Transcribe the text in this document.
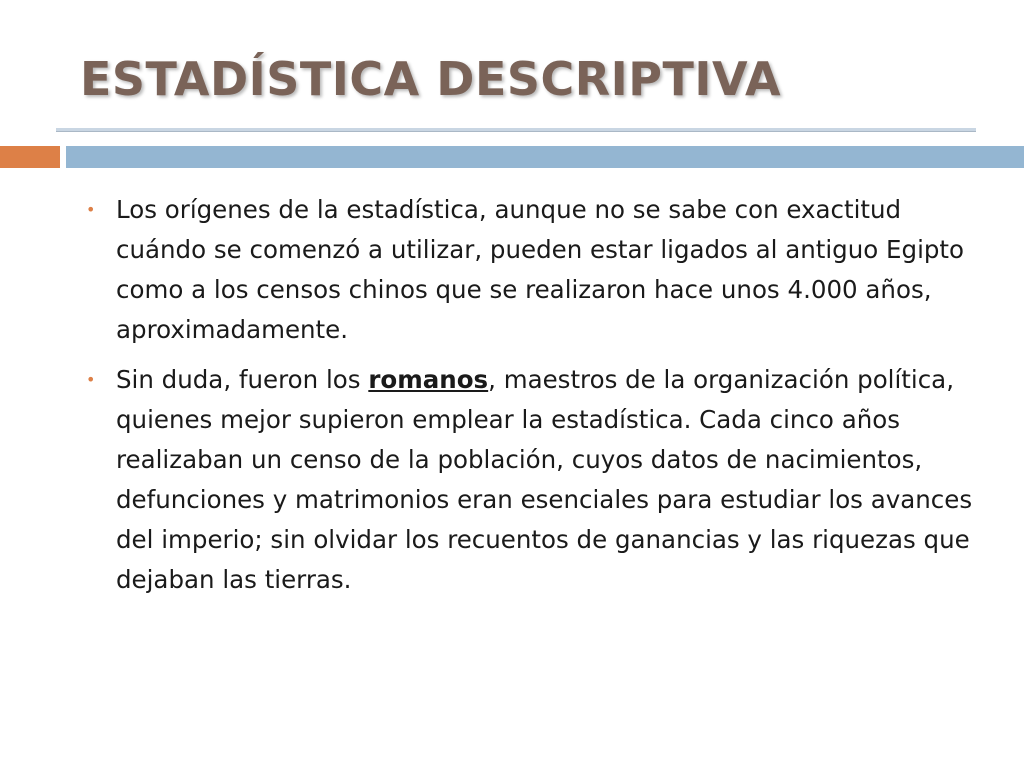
ESTADÍSTICA DESCRIPTIVA
• Los orígenes de la estadística, aunque no se sabe con exactitud cuándo se comenzó a utilizar, pueden estar ligados al antiguo Egipto como a los censos chinos que se realizaron hace unos 4.000 años, aproximadamente.
• Sin duda, fueron los romanos, maestros de la organización política, quienes mejor supieron emplear la estadística. Cada cinco años realizaban un censo de la población, cuyos datos de nacimientos, defunciones y matrimonios eran esenciales para estudiar los avances del imperio; sin olvidar los recuentos de ganancias y las riquezas que dejaban las tierras.
